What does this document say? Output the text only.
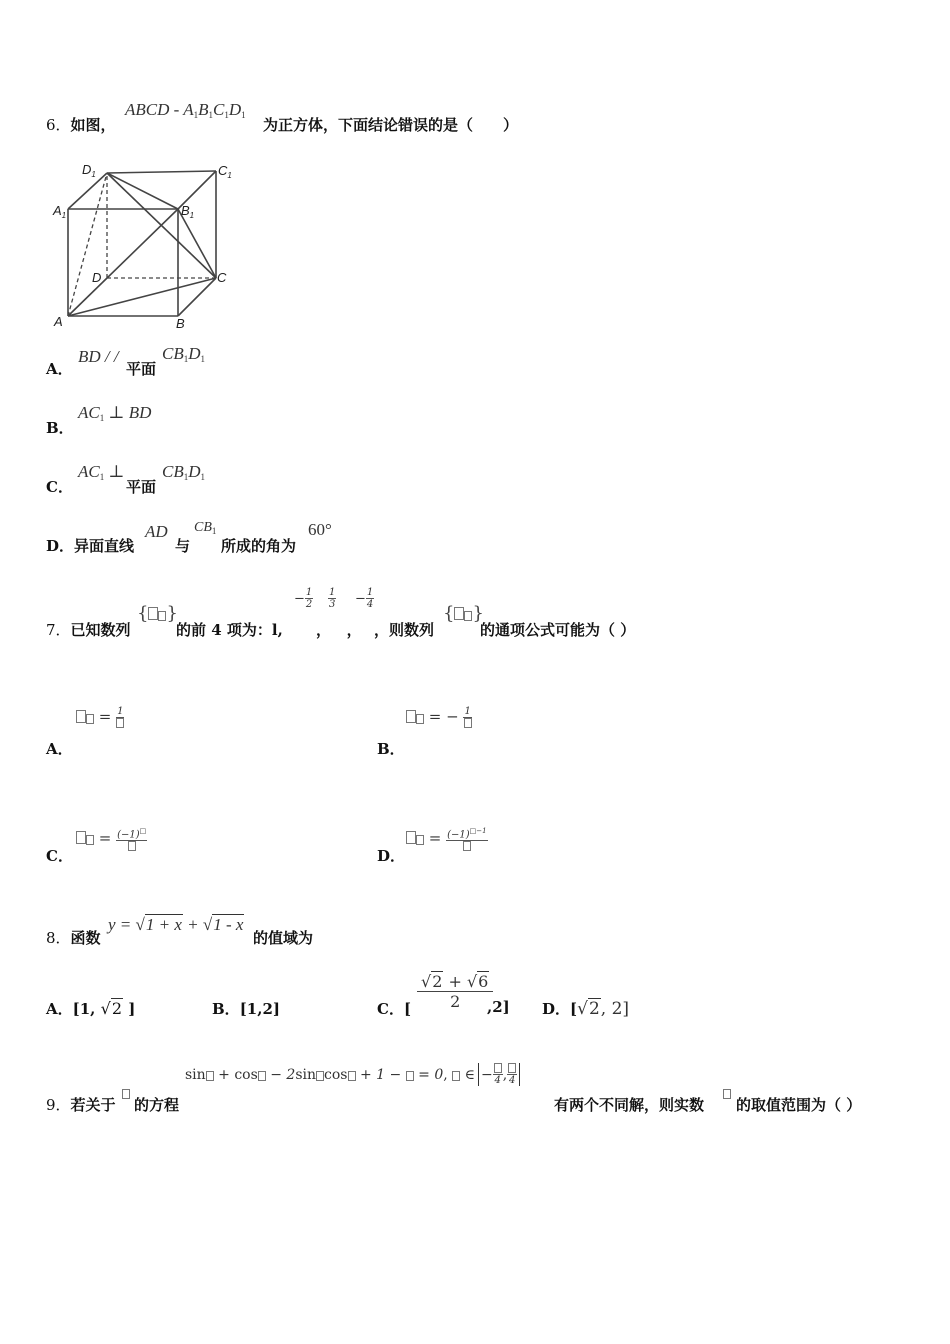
6．如图，
ABCD - $A_1B_1C_1D_1$
为正方体，下面结论错误的是（　　）
$D_1$	$C_1$
$A_1$	$B_1$
D	C
A	B
A．
BD / /
平面
$CB_1D_1$
B．
$AC_1$ ⊥ BD
C．
$AC_1$ ⊥
平面
$CB_1D_1$
D． 异面直线
AD
与
$CB_1$
所成的角为
60°
7．已知数列
{ }
的前 4 项为：l,
− $\frac{1}{2} \frac{1}{3} - \frac{1}{4}$
，   ， ，则数列
{ }
的通项公式可能为（ ）
A．
= 1
B．
= − 1
C．
= (−1)□
D．
= $(-1)^{□-1}$
8．函数
y = √1 + x + √1 - x
的值域为
A．[1, √2 ]	B．[1,2]	C．[
√2 + √6
2 ,2] D．[√2, 2]
9．若关于 的方程
sin + cos − 2sin cos + 1 −  = 0,  ∈ − 4 , 4
有两个不同解，则实数 的取值范围为（ ）
